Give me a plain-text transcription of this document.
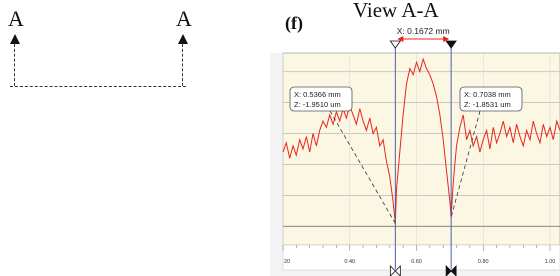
A	A	View A-A
(f)
20	0.40	0.60	0.80	1.00
X: 0.1672 mm
X: 0.5366 mm
Z: -1.9510 um
X: 0.7038 mm
Z: -1.8531 um
